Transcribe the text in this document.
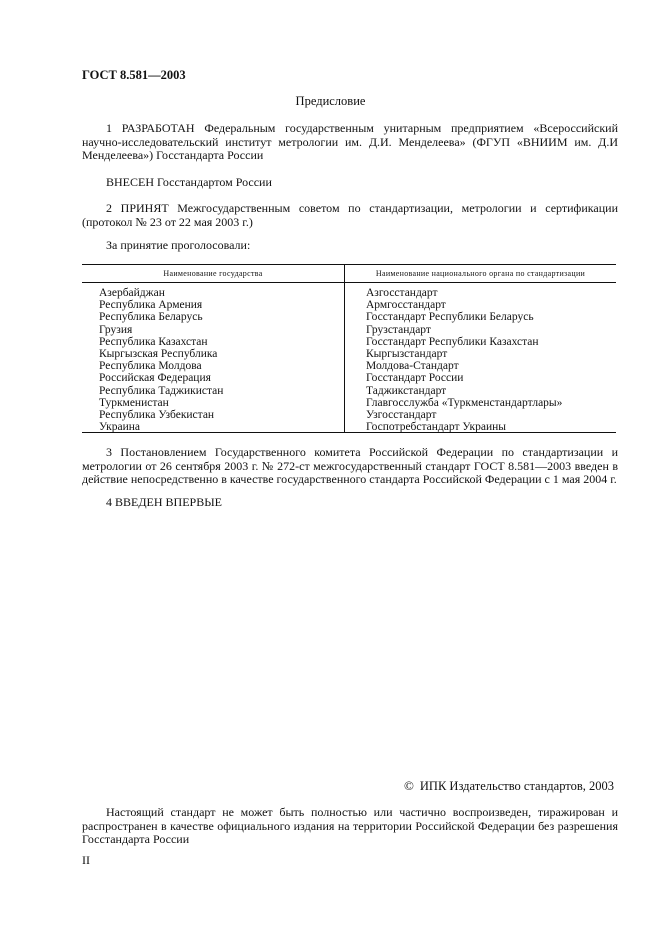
ГОСТ 8.581—2003
Предисловие
1 РАЗРАБОТАН Федеральным государственным унитарным предприятием «Всероссийский научно-исследовательский институт метрологии им. Д.И. Менделеева» (ФГУП «ВНИИМ им. Д.И Менделеева») Госстандарта России
ВНЕСЕН Госстандартом России
2 ПРИНЯТ Межгосударственным советом по стандартизации, метрологии и сертификации (протокол № 23 от 22 мая 2003 г.)
За принятие проголосовали:
Наименование государства	Наименование национального органа по стандартизации
Азербайджан
Республика Армения
Республика Беларусь
Грузия
Республика Казахстан
Кыргызская Республика
Республика Молдова
Российская Федерация
Республика Таджикистан
Туркменистан
Республика Узбекистан
Украина
Азгосстандарт
Армгосстандарт
Госстандарт Республики Беларусь
Грузстандарт
Госстандарт Республики Казахстан
Кыргызстандарт
Молдова-Стандарт
Госстандарт России
Таджикстандарт
Главгосслужба «Туркменстандартлары»
Узгосстандарт
Госпотребстандарт Украины
3 Постановлением Государственного комитета Российской Федерации по стандартизации и метрологии от 26 сентября 2003 г. № 272-ст межгосударственный стандарт ГОСТ 8.581—2003 введен в действие непосредственно в качестве государственного стандарта Российской Федерации с 1 мая 2004 г.
4 ВВЕДЕН ВПЕРВЫЕ
© ИПК Издательство стандартов, 2003
Настоящий стандарт не может быть полностью или частично воспроизведен, тиражирован и распространен в качестве официального издания на территории Российской Федерации без разрешения Госстандарта России
II
